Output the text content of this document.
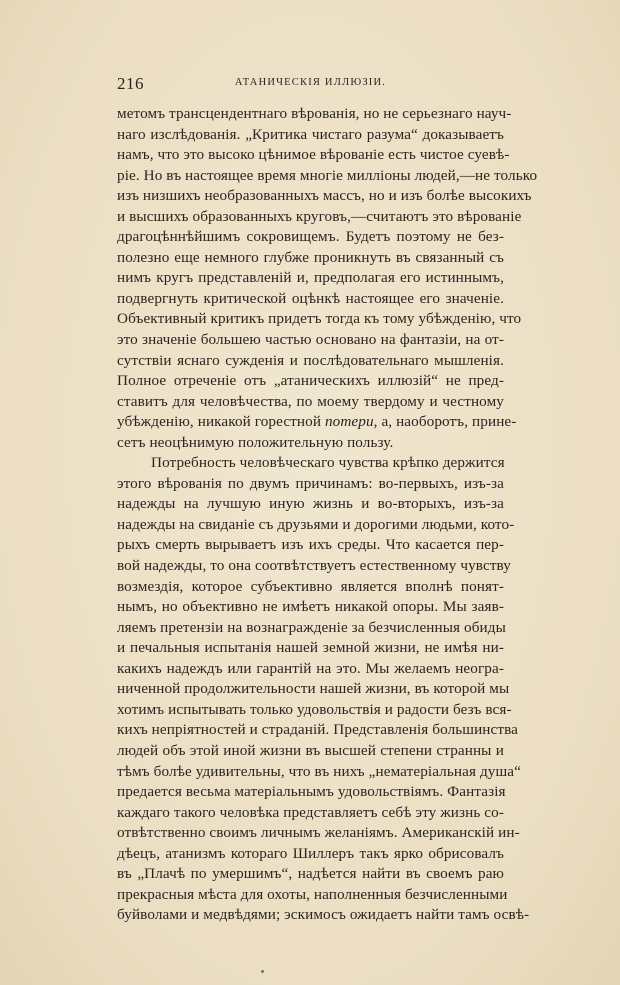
216	АТАНИЧЕСКІЯ ИЛЛЮЗІИ.
метомъ трансцендентнаго вѣрованія, но не серьезнаго науч-
наго изслѣдованія. „Критика чистаго разума“ доказываетъ
намъ, что это высоко цѣнимое вѣрованіе есть чистое суевѣ-
ріе. Но въ настоящее время многіе милліоны людей,—не только
изъ низшихъ необразованныхъ массъ, но и изъ болѣе высокихъ
и высшихъ образованныхъ круговъ,—считаютъ это вѣрованіе
драгоцѣннѣйшимъ сокровищемъ. Будетъ поэтому не без-
полезно еще немного глубже проникнуть въ связанный съ
нимъ кругъ представленій и, предполагая его истиннымъ,
подвергнуть критической оцѣнкѣ настоящее его значеніе.
Объективный критикъ придетъ тогда къ тому убѣжденію, что
это значеніе большею частью основано на фантазіи, на от-
сутствіи яснаго сужденія и послѣдовательнаго мышленія.
Полное отреченіе отъ „атаническихъ иллюзій“ не пред-
ставитъ для человѣчества, по моему твердому и честному
убѣжденію, никакой горестной потери, а, наоборотъ, прине-
сетъ неоцѣнимую положительную пользу.
Потребность человѣческаго чувства крѣпко держится
этого вѣрованія по двумъ причинамъ: во-первыхъ, изъ-за
надежды на лучшую иную жизнь и во-вторыхъ, изъ-за
надежды на свиданіе съ друзьями и дорогими людьми, кото-
рыхъ смерть вырываетъ изъ ихъ среды. Что касается пер-
вой надежды, то она соотвѣтствуетъ естественному чувству
возмездія, которое субъективно является вполнѣ понят-
нымъ, но объективно не имѣетъ никакой опоры. Мы заяв-
ляемъ претензіи на вознагражденіе за безчисленныя обиды
и печальныя испытанія нашей земной жизни, не имѣя ни-
какихъ надеждъ или гарантій на это. Мы желаемъ неогра-
ниченной продолжительности нашей жизни, въ которой мы
хотимъ испытывать только удовольствія и радости безъ вся-
кихъ непріятностей и страданій. Представленія большинства
людей объ этой иной жизни въ высшей степени странны и
тѣмъ болѣе удивительны, что въ нихъ „нематеріальная душа“
предается весьма матеріальнымъ удовольствіямъ. Фантазія
каждаго такого человѣка представляетъ себѣ эту жизнь со-
отвѣтственно своимъ личнымъ желаніямъ. Американскій ин-
дѣецъ, атанизмъ котораго Шиллеръ такъ ярко обрисовалъ
въ „Плачѣ по умершимъ“, надѣется найти въ своемъ раю
прекрасныя мѣста для охоты, наполненныя безчисленными
буйволами и медвѣдями; эскимосъ ожидаетъ найти тамъ освѣ-
